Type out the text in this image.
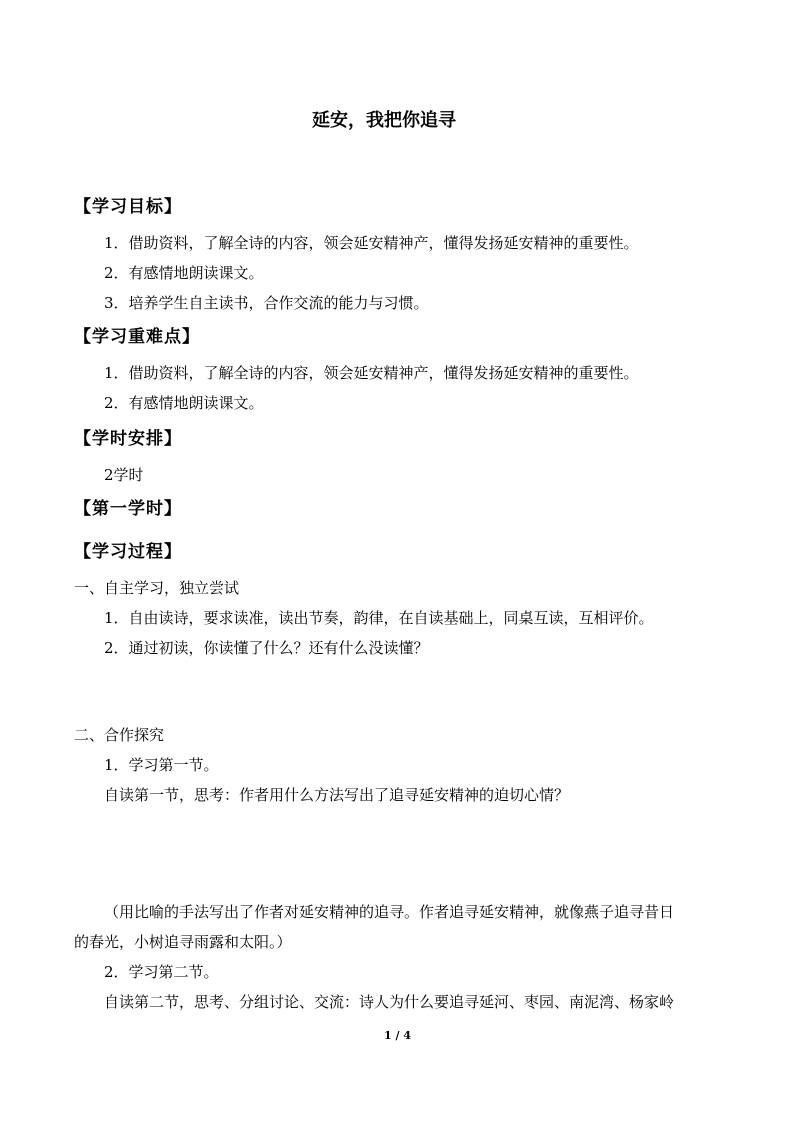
延安，我把你追寻
【学习目标】
1．借助资料，了解全诗的内容，领会延安精神产，懂得发扬延安精神的重要性。
2．有感情地朗读课文。
3．培养学生自主读书，合作交流的能力与习惯。
【学习重难点】
1．借助资料，了解全诗的内容，领会延安精神产，懂得发扬延安精神的重要性。
2．有感情地朗读课文。
【学时安排】
2学时
【第一学时】
【学习过程】
一、自主学习，独立尝试
1．自由读诗，要求读准，读出节奏，韵律，在自读基础上，同桌互读，互相评价。
2．通过初读，你读懂了什么？还有什么没读懂？
二、合作探究
1．学习第一节。
自读第一节，思考：作者用什么方法写出了追寻延安精神的迫切心情？
（用比喻的手法写出了作者对延安精神的追寻。作者追寻延安精神，就像燕子追寻昔日
的春光，小树追寻雨露和太阳。）
2．学习第二节。
自读第二节，思考、分组讨论、交流：诗人为什么要追寻延河、枣园、南泥湾、杨家岭
1 / 4
